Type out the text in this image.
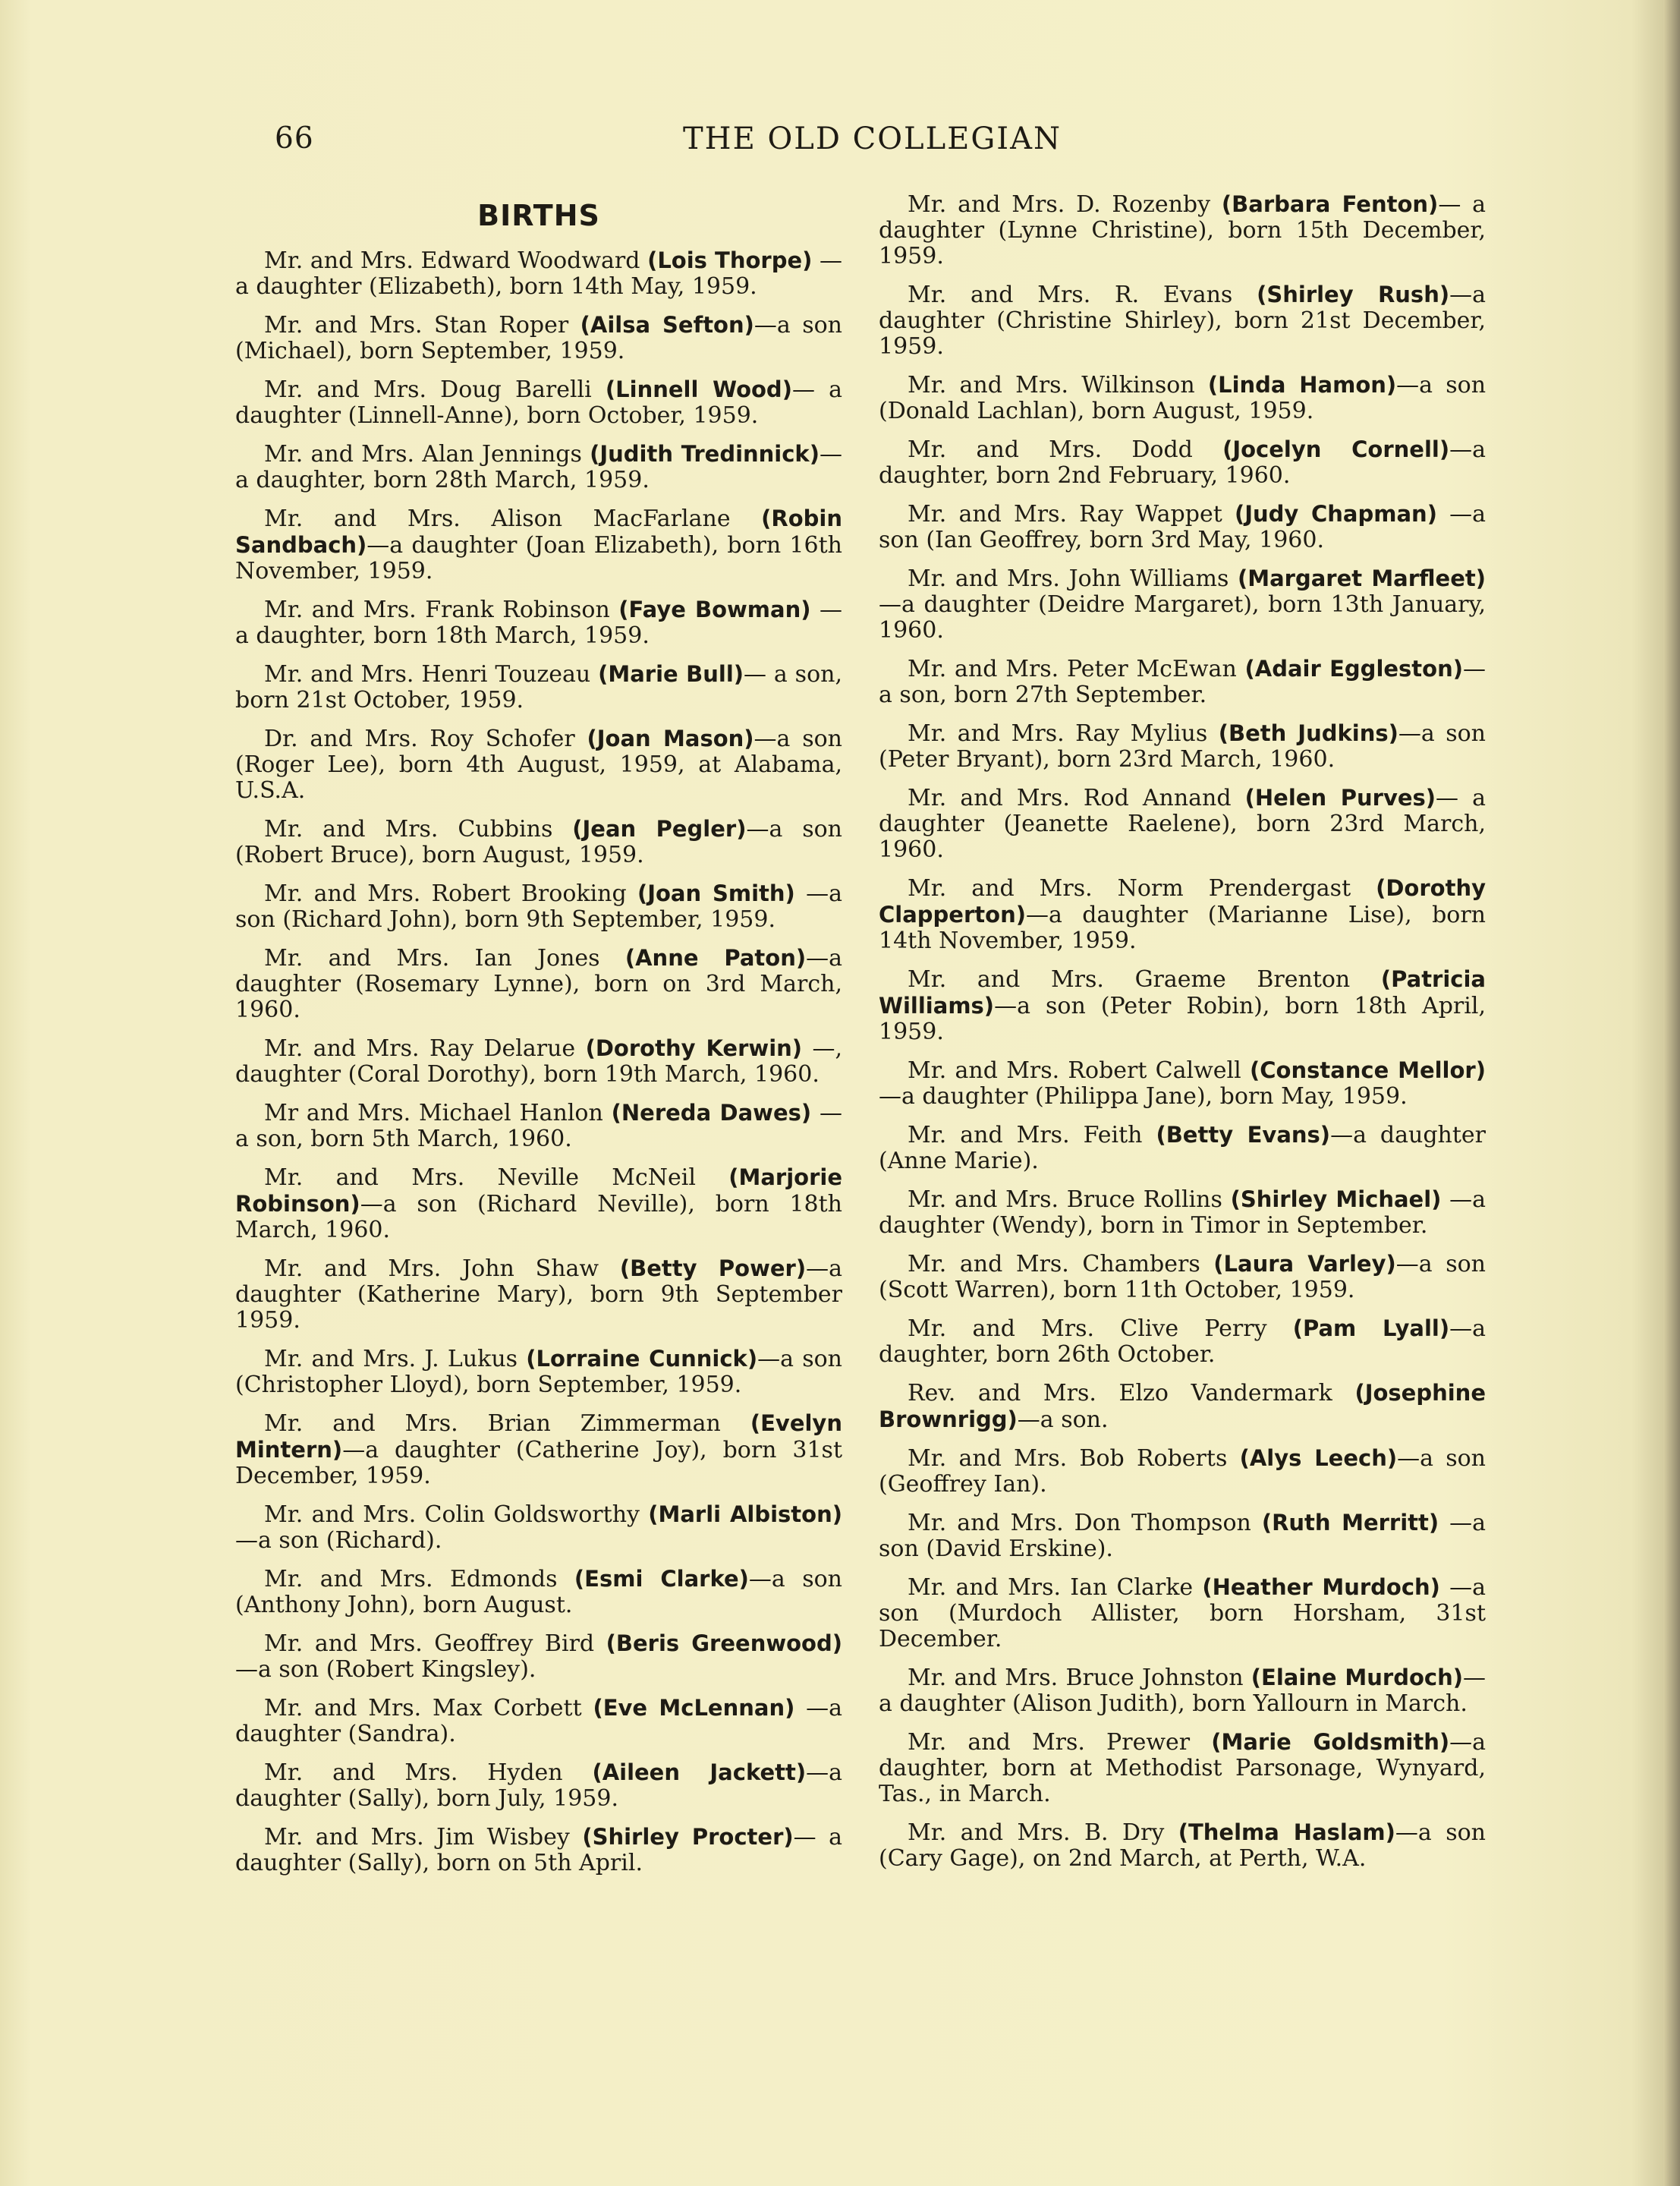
66	THE OLD COLLEGIAN
BIRTHS

Mr. and Mrs. Edward Woodward (Lois Thorpe) —a daughter (Elizabeth), born 14th May, 1959.

Mr. and Mrs. Stan Roper (Ailsa Sefton)—a son (Michael), born September, 1959.

Mr. and Mrs. Doug Barelli (Linnell Wood)— a daughter (Linnell-Anne), born October, 1959.

Mr. and Mrs. Alan Jennings (Judith Tredinnick)—a daughter, born 28th March, 1959.

Mr. and Mrs. Alison MacFarlane (Robin Sandbach)—a daughter (Joan Elizabeth), born 16th November, 1959.

Mr. and Mrs. Frank Robinson (Faye Bowman) —a daughter, born 18th March, 1959.

Mr. and Mrs. Henri Touzeau (Marie Bull)— a son, born 21st October, 1959.

Dr. and Mrs. Roy Schofer (Joan Mason)—a son (Roger Lee), born 4th August, 1959, at Alabama, U.S.A.

Mr. and Mrs. Cubbins (Jean Pegler)—a son (Robert Bruce), born August, 1959.

Mr. and Mrs. Robert Brooking (Joan Smith) —a son (Richard John), born 9th September, 1959.

Mr. and Mrs. Ian Jones (Anne Paton)—a daughter (Rosemary Lynne), born on 3rd March, 1960.

Mr. and Mrs. Ray Delarue (Dorothy Kerwin) —, daughter (Coral Dorothy), born 19th March, 1960.

Mr and Mrs. Michael Hanlon (Nereda Dawes) —a son, born 5th March, 1960.

Mr. and Mrs. Neville McNeil (Marjorie Robinson)—a son (Richard Neville), born 18th March, 1960.

Mr. and Mrs. John Shaw (Betty Power)—a daughter (Katherine Mary), born 9th September 1959.

Mr. and Mrs. J. Lukus (Lorraine Cunnick)—a son (Christopher Lloyd), born September, 1959.

Mr. and Mrs. Brian Zimmerman (Evelyn Mintern)—a daughter (Catherine Joy), born 31st December, 1959.

Mr. and Mrs. Colin Goldsworthy (Marli Albiston)—a son (Richard).

Mr. and Mrs. Edmonds (Esmi Clarke)—a son (Anthony John), born August.

Mr. and Mrs. Geoffrey Bird (Beris Greenwood) —a son (Robert Kingsley).

Mr. and Mrs. Max Corbett (Eve McLennan) —a daughter (Sandra).

Mr. and Mrs. Hyden (Aileen Jackett)—a daughter (Sally), born July, 1959.

Mr. and Mrs. Jim Wisbey (Shirley Procter)— a daughter (Sally), born on 5th April.

Mr. and Mrs. D. Rozenby (Barbara Fenton)— a daughter (Lynne Christine), born 15th December, 1959.

Mr. and Mrs. R. Evans (Shirley Rush)—a daughter (Christine Shirley), born 21st December, 1959.

Mr. and Mrs. Wilkinson (Linda Hamon)—a son (Donald Lachlan), born August, 1959.

Mr. and Mrs. Dodd (Jocelyn Cornell)—a daughter, born 2nd February, 1960.

Mr. and Mrs. Ray Wappet (Judy Chapman) —a son (Ian Geoffrey, born 3rd May, 1960.

Mr. and Mrs. John Williams (Margaret Marfleet)—a daughter (Deidre Margaret), born 13th January, 1960.

Mr. and Mrs. Peter McEwan (Adair Eggleston)—a son, born 27th September.

Mr. and Mrs. Ray Mylius (Beth Judkins)—a son (Peter Bryant), born 23rd March, 1960.

Mr. and Mrs. Rod Annand (Helen Purves)— a daughter (Jeanette Raelene), born 23rd March, 1960.

Mr. and Mrs. Norm Prendergast (Dorothy Clapperton)—a daughter (Marianne Lise), born 14th November, 1959.

Mr. and Mrs. Graeme Brenton (Patricia Williams)—a son (Peter Robin), born 18th April, 1959.

Mr. and Mrs. Robert Calwell (Constance Mellor)—a daughter (Philippa Jane), born May, 1959.

Mr. and Mrs. Feith (Betty Evans)—a daughter (Anne Marie).

Mr. and Mrs. Bruce Rollins (Shirley Michael) —a daughter (Wendy), born in Timor in September.

Mr. and Mrs. Chambers (Laura Varley)—a son (Scott Warren), born 11th October, 1959.

Mr. and Mrs. Clive Perry (Pam Lyall)—a daughter, born 26th October.

Rev. and Mrs. Elzo Vandermark (Josephine Brownrigg)—a son.

Mr. and Mrs. Bob Roberts (Alys Leech)—a son (Geoffrey Ian).

Mr. and Mrs. Don Thompson (Ruth Merritt) —a son (David Erskine).

Mr. and Mrs. Ian Clarke (Heather Murdoch) —a son (Murdoch Allister, born Horsham, 31st December.

Mr. and Mrs. Bruce Johnston (Elaine Murdoch)—a daughter (Alison Judith), born Yallourn in March.

Mr. and Mrs. Prewer (Marie Goldsmith)—a daughter, born at Methodist Parsonage, Wynyard, Tas., in March.

Mr. and Mrs. B. Dry (Thelma Haslam)—a son (Cary Gage), on 2nd March, at Perth, W.A.
